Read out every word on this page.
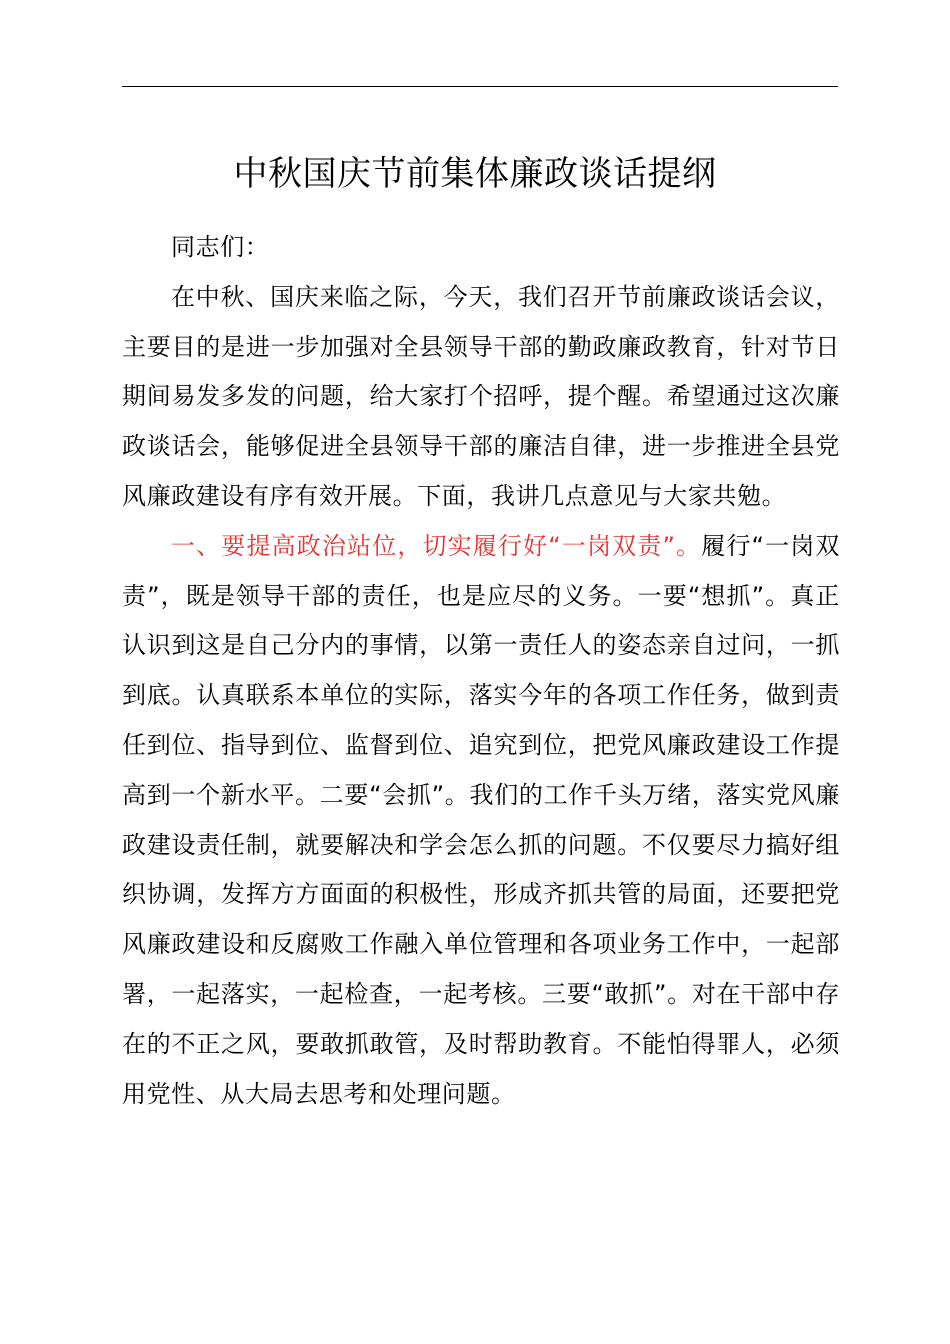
中秋国庆节前集体廉政谈话提纲

同志们：

在中秋、国庆来临之际，今天，我们召开节前廉政谈话会议，主要目的是进一步加强对全县领导干部的勤政廉政教育，针对节日期间易发多发的问题，给大家打个招呼，提个醒。希望通过这次廉政谈话会，能够促进全县领导干部的廉洁自律，进一步推进全县党风廉政建设有序有效开展。下面，我讲几点意见与大家共勉。

一、要提高政治站位，切实履行好“一岗双责”。履行“一岗双责”，既是领导干部的责任，也是应尽的义务。一要“想抓”。真正认识到这是自己分内的事情，以第一责任人的姿态亲自过问，一抓到底。认真联系本单位的实际，落实今年的各项工作任务，做到责任到位、指导到位、监督到位、追究到位，把党风廉政建设工作提高到一个新水平。二要“会抓”。我们的工作千头万绪，落实党风廉政建设责任制，就要解决和学会怎么抓的问题。不仅要尽力搞好组织协调，发挥方方面面的积极性，形成齐抓共管的局面，还要把党风廉政建设和反腐败工作融入单位管理和各项业务工作中，一起部署，一起落实，一起检查，一起考核。三要“敢抓”。对在干部中存在的不正之风，要敢抓敢管，及时帮助教育。不能怕得罪人，必须用党性、从大局去思考和处理问题。
